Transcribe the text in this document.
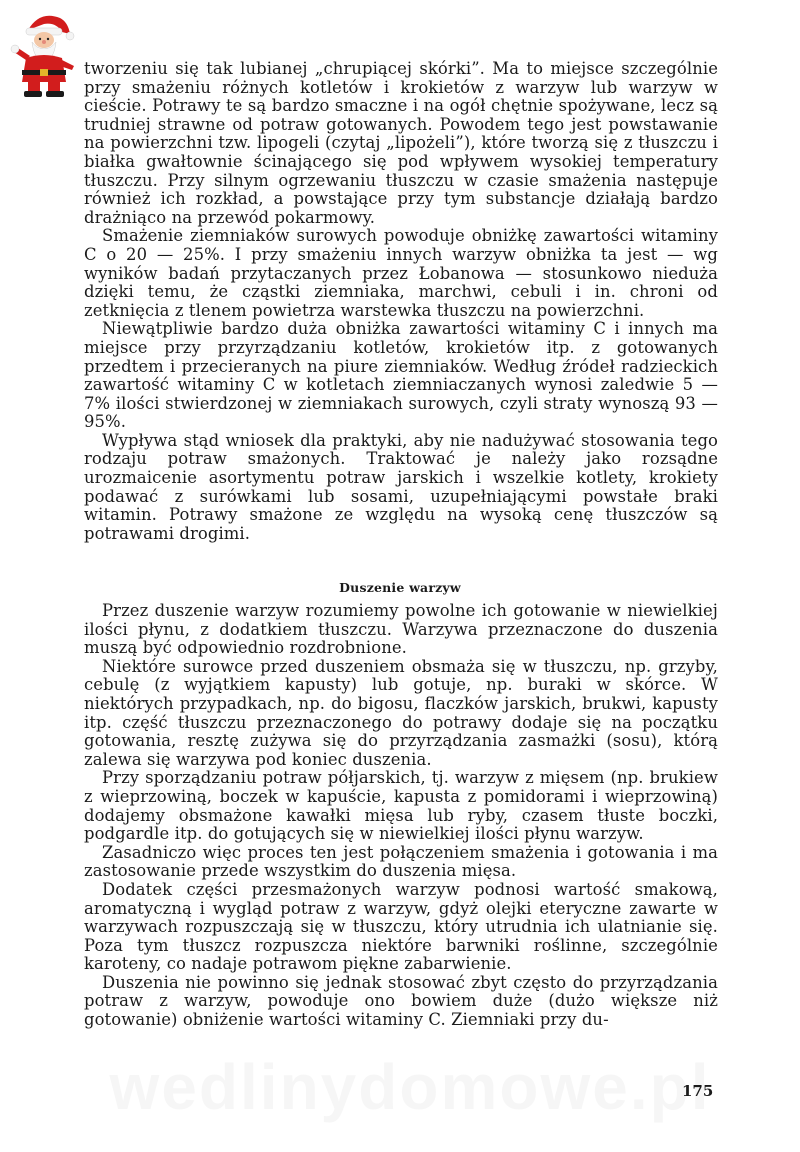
tworzeniu się tak lubianej „chrupiącej skórki”. Ma to miejsce szczególnie przy smażeniu różnych kotletów i krokietów z warzyw lub warzyw w cieście. Potrawy te są bardzo smaczne i na ogół chętnie spożywane, lecz są trudniej strawne od potraw gotowanych. Powodem tego jest powstawanie na powierzchni tzw. lipogeli (czytaj „lipożeli”), które tworzą się z tłuszczu i białka gwałtownie ścinającego się pod wpływem wysokiej temperatury tłuszczu. Przy silnym ogrzewaniu tłuszczu w czasie smażenia następuje również ich rozkład, a powstające przy tym substancje działają bardzo drażniąco na przewód pokarmowy.

Smażenie ziemniaków surowych powoduje obniżkę zawartości witaminy C o 20 — 25%. I przy smażeniu innych warzyw obniżka ta jest — wg wyników badań przytaczanych przez Łobanowa — stosunkowo nieduża dzięki temu, że cząstki ziemniaka, marchwi, cebuli i in. chroni od zetknięcia z tlenem powietrza warstewka tłuszczu na powierzchni.

Niewątpliwie bardzo duża obniżka zawartości witaminy C i innych ma miejsce przy przyrządzaniu kotletów, krokietów itp. z gotowanych przedtem i przecieranych na piure ziemniaków. Według źródeł radzieckich zawartość witaminy C w kotletach ziemniaczanych wynosi zaledwie 5 — 7% ilości stwierdzonej w ziemniakach surowych, czyli straty wynoszą 93 — 95%.

Wypływa stąd wniosek dla praktyki, aby nie nadużywać stosowania tego rodzaju potraw smażonych. Traktować je należy jako rozsądne urozmaicenie asortymentu potraw jarskich i wszelkie kotlety, krokiety podawać z surówkami lub sosami, uzupełniającymi powstałe braki witamin. Potrawy smażone ze względu na wysoką cenę tłuszczów są potrawami drogimi.

Duszenie warzyw

Przez duszenie warzyw rozumiemy powolne ich gotowanie w niewielkiej ilości płynu, z dodatkiem tłuszczu. Warzywa przeznaczone do duszenia muszą być odpowiednio rozdrobnione.

Niektóre surowce przed duszeniem obsmaża się w tłuszczu, np. grzyby, cebulę (z wyjątkiem kapusty) lub gotuje, np. buraki w skórce. W niektórych przypadkach, np. do bigosu, flaczków jarskich, brukwi, kapusty itp. część tłuszczu przeznaczonego do potrawy dodaje się na początku gotowania, resztę zużywa się do przyrządzania zasmażki (sosu), którą zalewa się warzywa pod koniec duszenia.

Przy sporządzaniu potraw półjarskich, tj. warzyw z mięsem (np. brukiew z wieprzowiną, boczek w kapuście, kapusta z pomidorami i wieprzowiną) dodajemy obsmażone kawałki mięsa lub ryby, czasem tłuste boczki, podgardle itp. do gotujących się w niewielkiej ilości płynu warzyw.

Zasadniczo więc proces ten jest połączeniem smażenia i gotowania i ma zastosowanie przede wszystkim do duszenia mięsa.

Dodatek części przesmażonych warzyw podnosi wartość smakową, aromatyczną i wygląd potraw z warzyw, gdyż olejki eteryczne zawarte w warzywach rozpuszczają się w tłuszczu, który utrudnia ich ulatnianie się. Poza tym tłuszcz rozpuszcza niektóre barwniki roślinne, szczególnie karoteny, co nadaje potrawom piękne zabarwienie.

Duszenia nie powinno się jednak stosować zbyt często do przyrządzania potraw z warzyw, powoduje ono bowiem duże (dużo większe niż gotowanie) obniżenie wartości witaminy C. Ziemniaki przy du-

175
